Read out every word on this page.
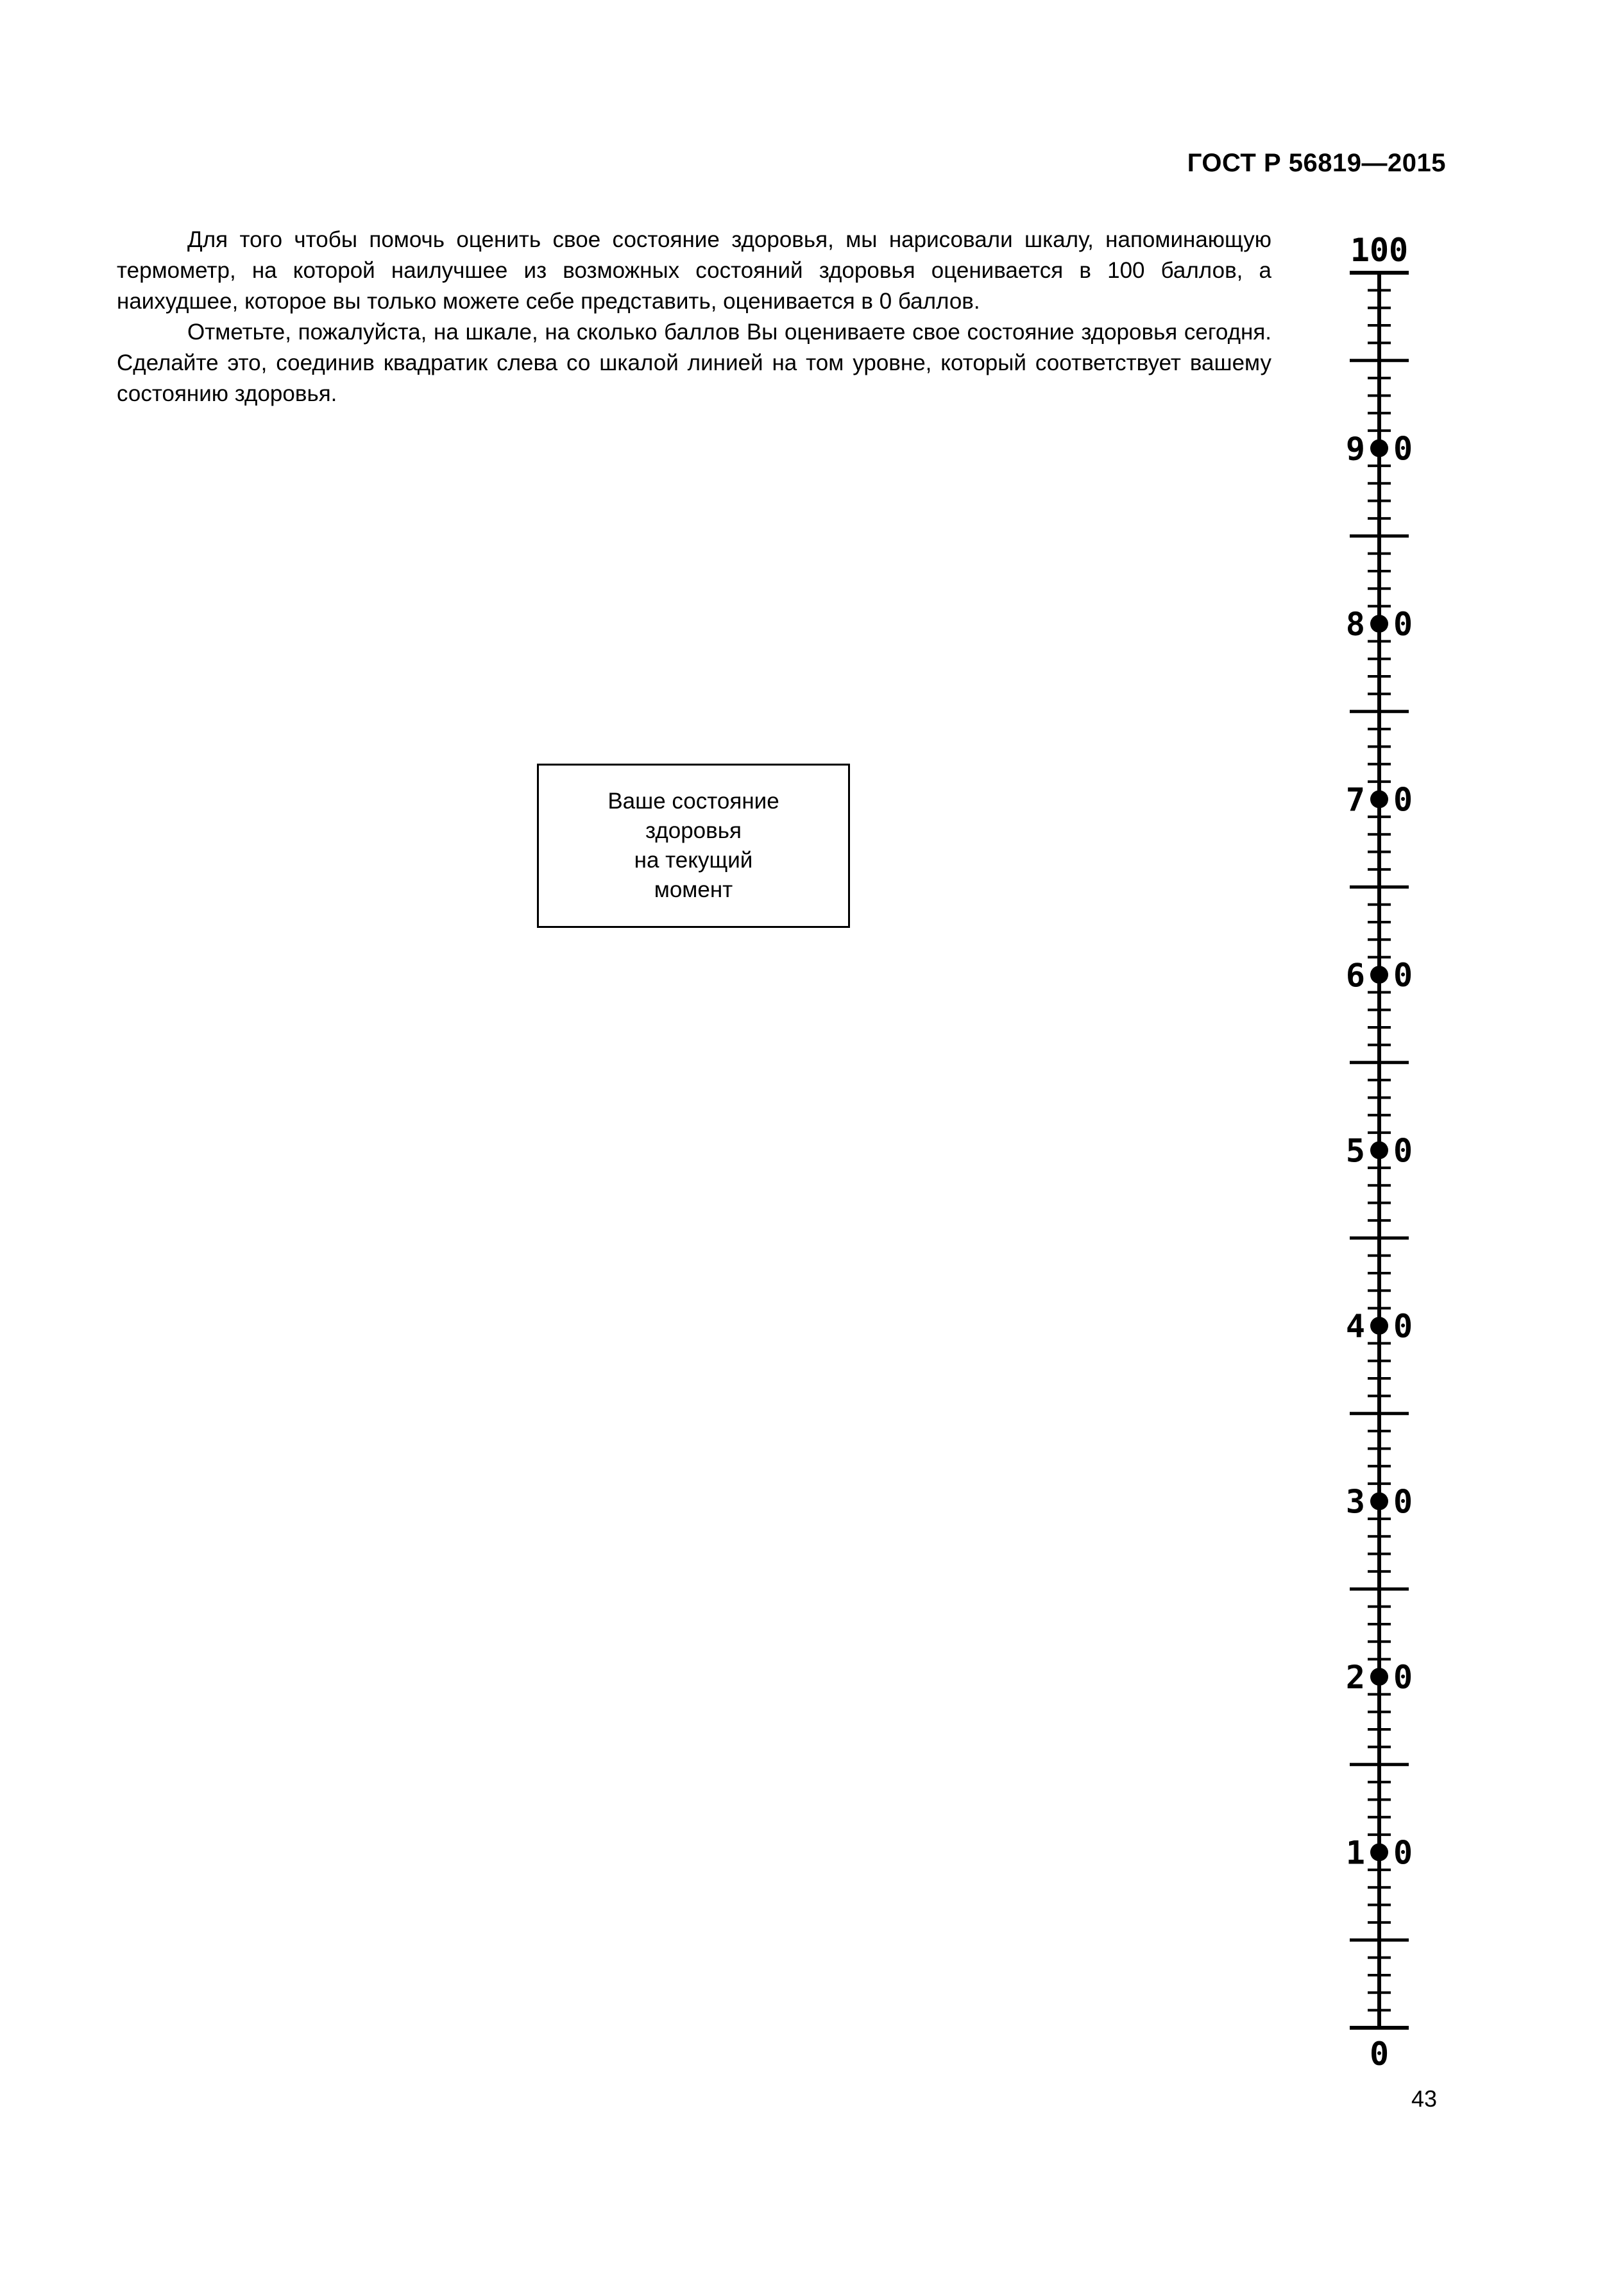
ГОСТ Р 56819—2015

Для того чтобы помочь оценить свое состояние здоровья, мы нарисовали шкалу, напоминающую термометр, на которой наилучшее из возможных состояний здоровья оценивается в 100 баллов, а наихудшее, которое вы только можете себе представить, оценивается в 0 баллов.

Отметьте, пожалуйста, на шкале, на сколько баллов Вы оцениваете свое состояние здоровья сегодня. Сделайте это, соединив квадратик слева со шкалой линией на том уровне, который соответствует вашему состоянию здоровья.

Ваше состояние
здоровья
на текущий
момент
100
0
9 0
8 0
7 0
6 0
5 0
4 0
3 0
2 0
1 0
43
